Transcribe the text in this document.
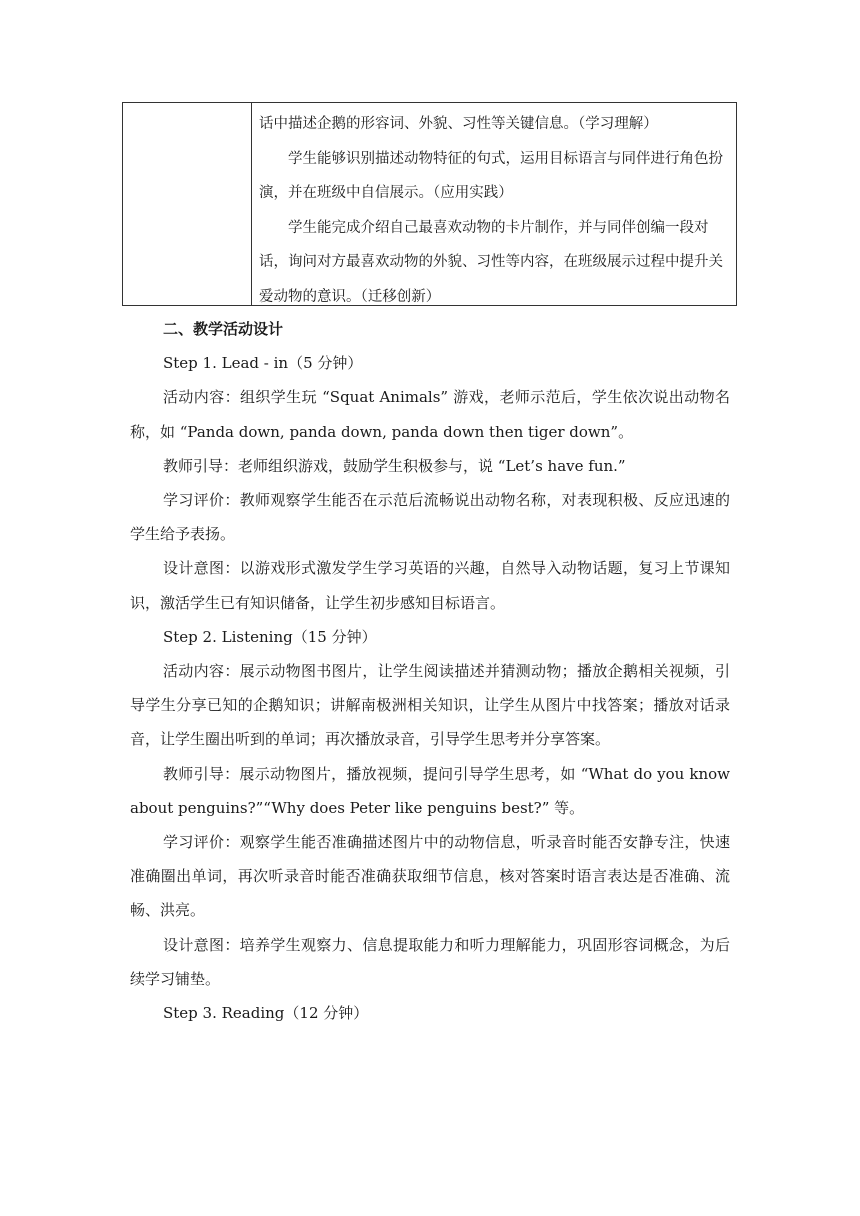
话中描述企鹅的形容词、外貌、习性等关键信息。（学习理解）

学生能够识别描述动物特征的句式，运用目标语言与同伴进行角色扮演，并在班级中自信展示。（应用实践）

学生能完成介绍自己最喜欢动物的卡片制作，并与同伴创编一段对话，询问对方最喜欢动物的外貌、习性等内容，在班级展示过程中提升关爱动物的意识。（迁移创新）

二、教学活动设计

Step 1. Lead - in（5 分钟）

活动内容：组织学生玩 “Squat Animals” 游戏，老师示范后，学生依次说出动物名称，如 “Panda down, panda down, panda down then tiger down”。

教师引导：老师组织游戏，鼓励学生积极参与，说 “Let’s have fun.”

学习评价：教师观察学生能否在示范后流畅说出动物名称，对表现积极、反应迅速的学生给予表扬。

设计意图：以游戏形式激发学生学习英语的兴趣，自然导入动物话题，复习上节课知识，激活学生已有知识储备，让学生初步感知目标语言。

Step 2. Listening（15 分钟）

活动内容：展示动物图书图片，让学生阅读描述并猜测动物；播放企鹅相关视频，引导学生分享已知的企鹅知识；讲解南极洲相关知识，让学生从图片中找答案；播放对话录音，让学生圈出听到的单词；再次播放录音，引导学生思考并分享答案。

教师引导：展示动物图片，播放视频，提问引导学生思考，如 “What do you know about penguins?”“Why does Peter like penguins best?” 等。

学习评价：观察学生能否准确描述图片中的动物信息，听录音时能否安静专注，快速准确圈出单词，再次听录音时能否准确获取细节信息，核对答案时语言表达是否准确、流畅、洪亮。

设计意图：培养学生观察力、信息提取能力和听力理解能力，巩固形容词概念，为后续学习铺垫。

Step 3. Reading（12 分钟）
